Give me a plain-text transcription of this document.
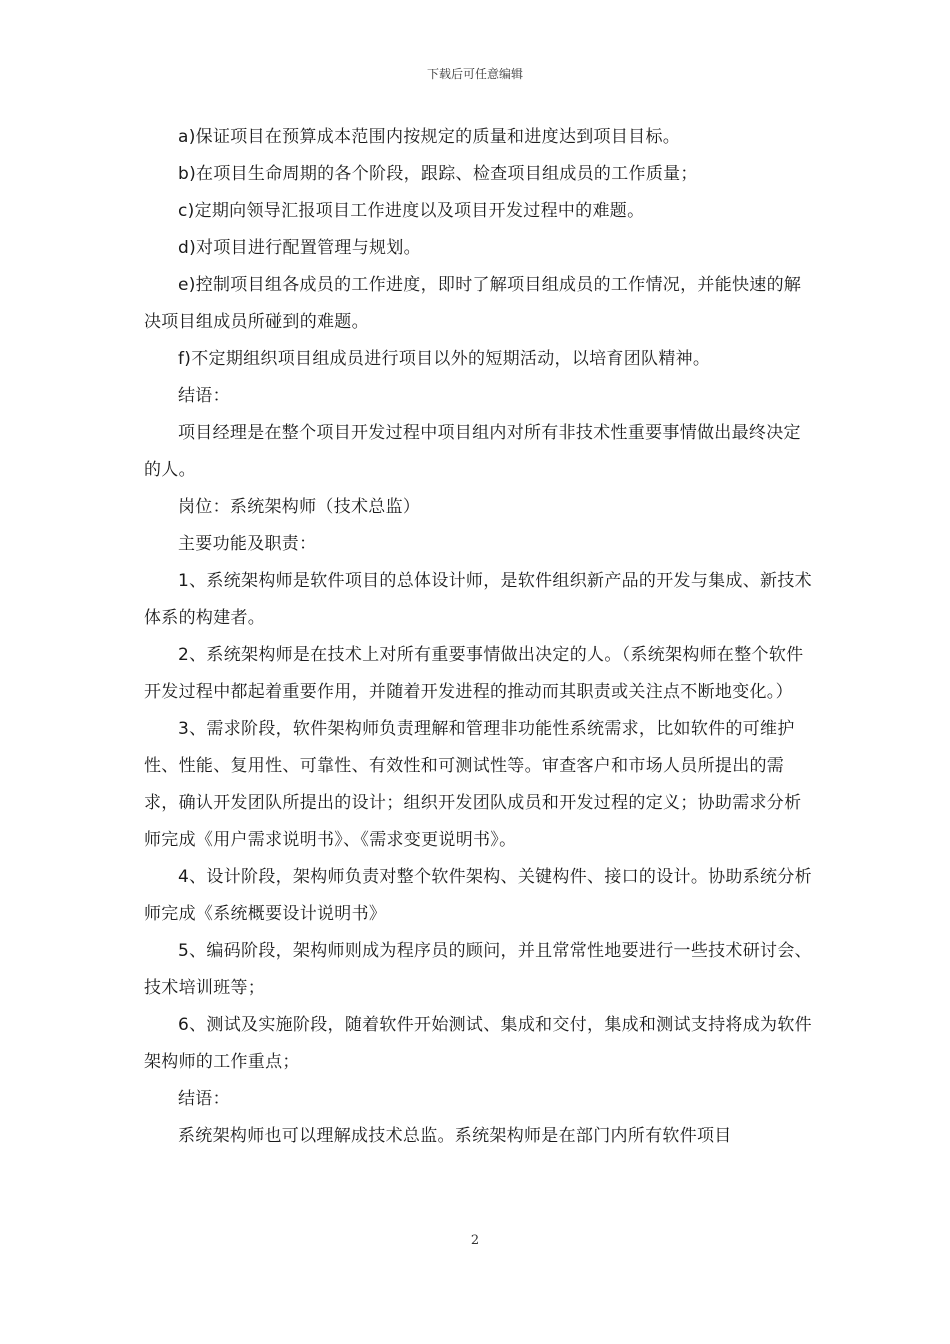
下载后可任意编辑

a)保证项目在预算成本范围内按规定的质量和进度达到项目目标。

b)在项目生命周期的各个阶段，跟踪、检查项目组成员的工作质量；

c)定期向领导汇报项目工作进度以及项目开发过程中的难题。

d)对项目进行配置管理与规划。

e)控制项目组各成员的工作进度，即时了解项目组成员的工作情况，并能快速的解决项目组成员所碰到的难题。

f)不定期组织项目组成员进行项目以外的短期活动，以培育团队精神。

结语：

项目经理是在整个项目开发过程中项目组内对所有非技术性重要事情做出最终决定的人。

岗位：系统架构师（技术总监）

主要功能及职责：

1、系统架构师是软件项目的总体设计师，是软件组织新产品的开发与集成、新技术体系的构建者。

2、系统架构师是在技术上对所有重要事情做出决定的人。（系统架构师在整个软件开发过程中都起着重要作用，并随着开发进程的推动而其职责或关注点不断地变化。）

3、需求阶段，软件架构师负责理解和管理非功能性系统需求，比如软件的可维护性、性能、复用性、可靠性、有效性和可测试性等。审查客户和市场人员所提出的需求，确认开发团队所提出的设计；组织开发团队成员和开发过程的定义；协助需求分析师完成《用户需求说明书》、《需求变更说明书》。

4、设计阶段，架构师负责对整个软件架构、关键构件、接口的设计。协助系统分析师完成《系统概要设计说明书》

5、编码阶段，架构师则成为程序员的顾问，并且常常性地要进行一些技术研讨会、技术培训班等；

6、测试及实施阶段，随着软件开始测试、集成和交付，集成和测试支持将成为软件架构师的工作重点；

结语：

系统架构师也可以理解成技术总监。系统架构师是在部门内所有软件项目

2
